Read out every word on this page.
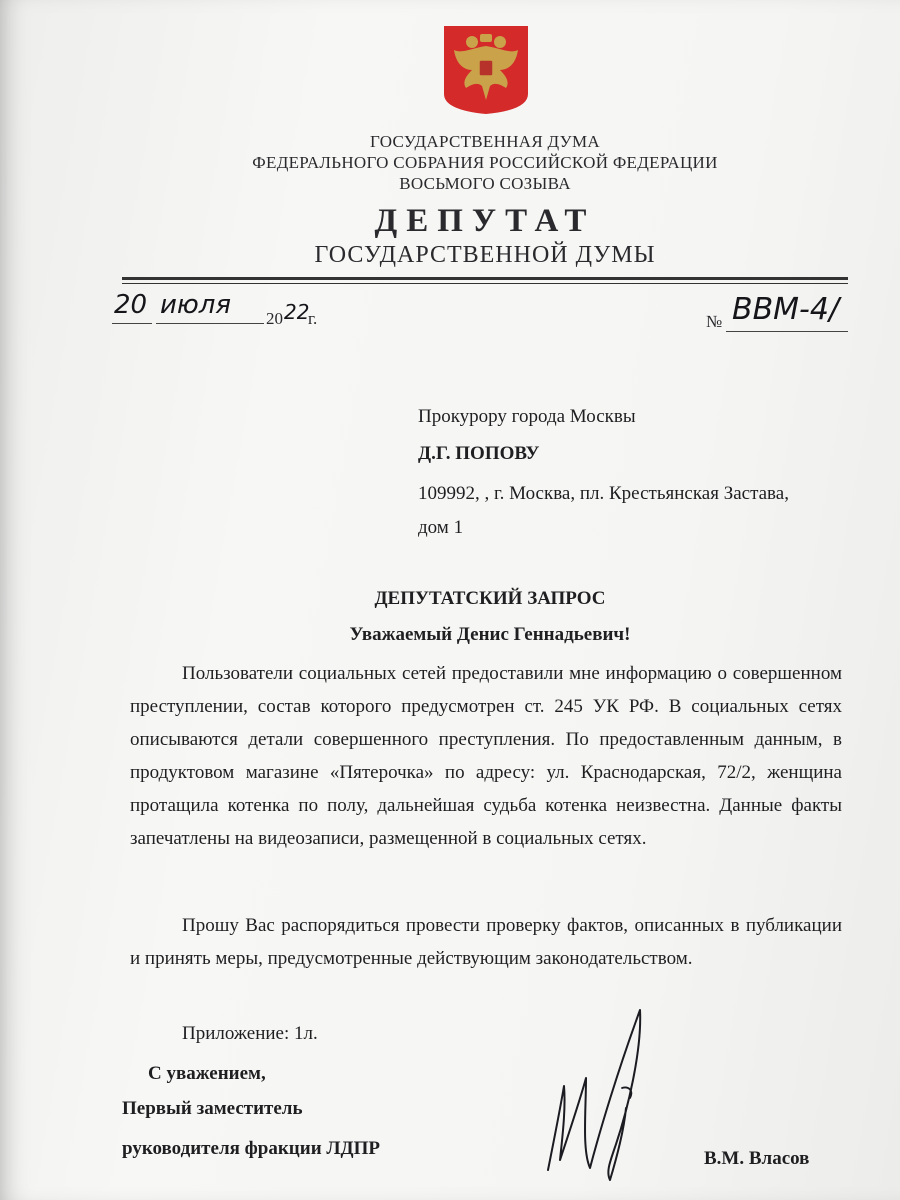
ГОСУДАРСТВЕННАЯ ДУМА
ФЕДЕРАЛЬНОГО СОБРАНИЯ РОССИЙСКОЙ ФЕДЕРАЦИИ
ВОСЬМОГО СОЗЫВА
ДЕПУТАТ
ГОСУДАРСТВЕННОЙ ДУМЫ
20 июля 20 22
г.	№ ВВМ-4/
Прокурору города Москвы
Д.Г. ПОПОВУ
109992, , г. Москва, пл. Крестьянская Застава,
дом 1
ДЕПУТАТСКИЙ ЗАПРОС
Уважаемый Денис Геннадьевич!
Пользователи социальных сетей предоставили мне информацию о совершенном преступлении, состав которого предусмотрен ст. 245 УК РФ. В социальных сетях описываются детали совершенного преступления. По предоставленным данным, в продуктовом магазине «Пятерочка» по адресу: ул. Краснодарская, 72/2, женщина протащила котенка по полу, дальнейшая судьба котенка неизвестна. Данные факты запечатлены на видеозаписи, размещенной в социальных сетях.
Прошу Вас распорядиться провести проверку фактов, описанных в публикации и принять меры, предусмотренные действующим законодательством.
Приложение: 1л.
С уважением,
Первый заместитель
руководителя фракции ЛДПР	В.М. Власов
